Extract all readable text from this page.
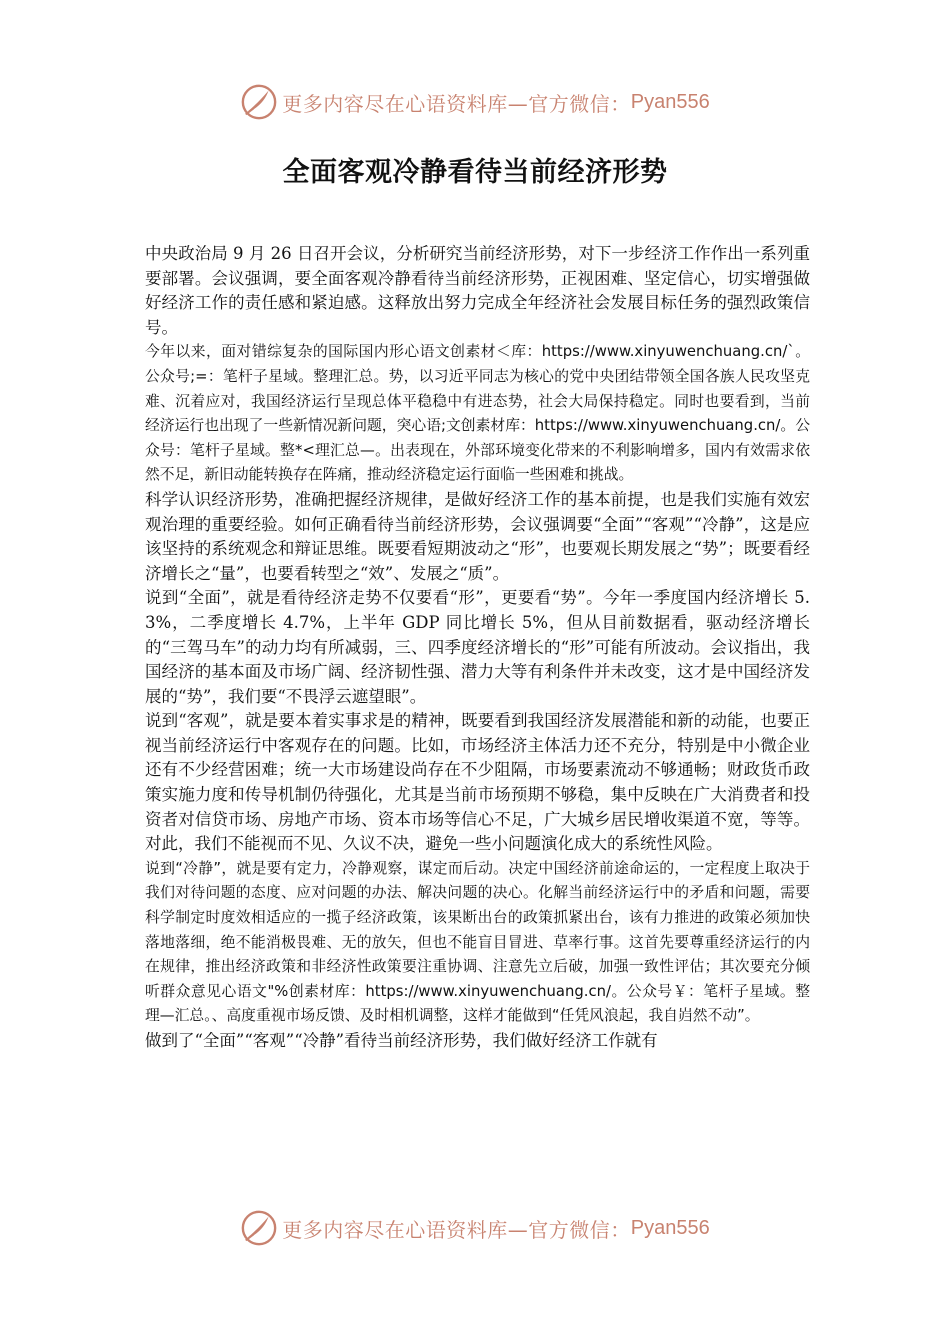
更多内容尽在心语资料库—官方微信： Pyan556
全面客观冷静看待当前经济形势

中央政治局 9 月 26 日召开会议，分析研究当前经济形势，对下一步经济工作作出一系列重要部署。会议强调，要全面客观冷静看待当前经济形势，正视困难、坚定信心，切实增强做好经济工作的责任感和紧迫感。这释放出努力完成全年经济社会发展目标任务的强烈政策信号。

今年以来，面对错综复杂的国际国内形心语文创素材＜库：https://www.xinyuwenchuang.cn/`。公众号;=：笔杆子星域。整理汇总。势，以习近平同志为核心的党中央团结带领全国各族人民攻坚克难、沉着应对，我国经济运行呈现总体平稳稳中有进态势，社会大局保持稳定。同时也要看到，当前经济运行也出现了一些新情况新问题，突心语;文创素材库：https://www.xinyuwenchuang.cn/。公众号：笔杆子星域。整*<理汇总—。出表现在，外部环境变化带来的不利影响增多，国内有效需求依然不足，新旧动能转换存在阵痛，推动经济稳定运行面临一些困难和挑战。

科学认识经济形势，准确把握经济规律，是做好经济工作的基本前提，也是我们实施有效宏观治理的重要经验。如何正确看待当前经济形势，会议强调要“全面”“客观”“冷静”，这是应该坚持的系统观念和辩证思维。既要看短期波动之“形”，也要观长期发展之“势”；既要看经济增长之“量”，也要看转型之“效”、发展之“质”。

说到“全面”，就是看待经济走势不仅要看“形”，更要看“势”。今年一季度国内经济增长 5.3%，二季度增长 4.7%，上半年 GDP 同比增长 5%，但从目前数据看，驱动经济增长的“三驾马车”的动力均有所减弱，三、四季度经济增长的“形”可能有所波动。会议指出，我国经济的基本面及市场广阔、经济韧性强、潜力大等有利条件并未改变，这才是中国经济发展的“势”，我们要“不畏浮云遮望眼”。

说到“客观”，就是要本着实事求是的精神，既要看到我国经济发展潜能和新的动能，也要正视当前经济运行中客观存在的问题。比如，市场经济主体活力还不充分，特别是中小微企业还有不少经营困难；统一大市场建设尚存在不少阻隔，市场要素流动不够通畅；财政货币政策实施力度和传导机制仍待强化，尤其是当前市场预期不够稳，集中反映在广大消费者和投资者对信贷市场、房地产市场、资本市场等信心不足，广大城乡居民增收渠道不宽，等等。对此，我们不能视而不见、久议不决，避免一些小问题演化成大的系统性风险。

说到“冷静”，就是要有定力，冷静观察，谋定而后动。决定中国经济前途命运的，一定程度上取决于我们对待问题的态度、应对问题的办法、解决问题的决心。化解当前经济运行中的矛盾和问题，需要科学制定时度效相适应的一揽子经济政策，该果断出台的政策抓紧出台，该有力推进的政策必须加快落地落细，绝不能消极畏难、无的放矢，但也不能盲目冒进、草率行事。这首先要尊重经济运行的内在规律，推出经济政策和非经济性政策要注重协调、注意先立后破，加强一致性评估；其次要充分倾听群众意见心语文"%创素材库：https://www.xinyuwenchuang.cn/。公众号￥：笔杆子星域。整理—汇总。、高度重视市场反馈、及时相机调整，这样才能做到“任凭风浪起，我自岿然不动”。

做到了“全面”“客观”“冷静”看待当前经济形势，我们做好经济工作就有

更多内容尽在心语资料库—官方微信： Pyan556
